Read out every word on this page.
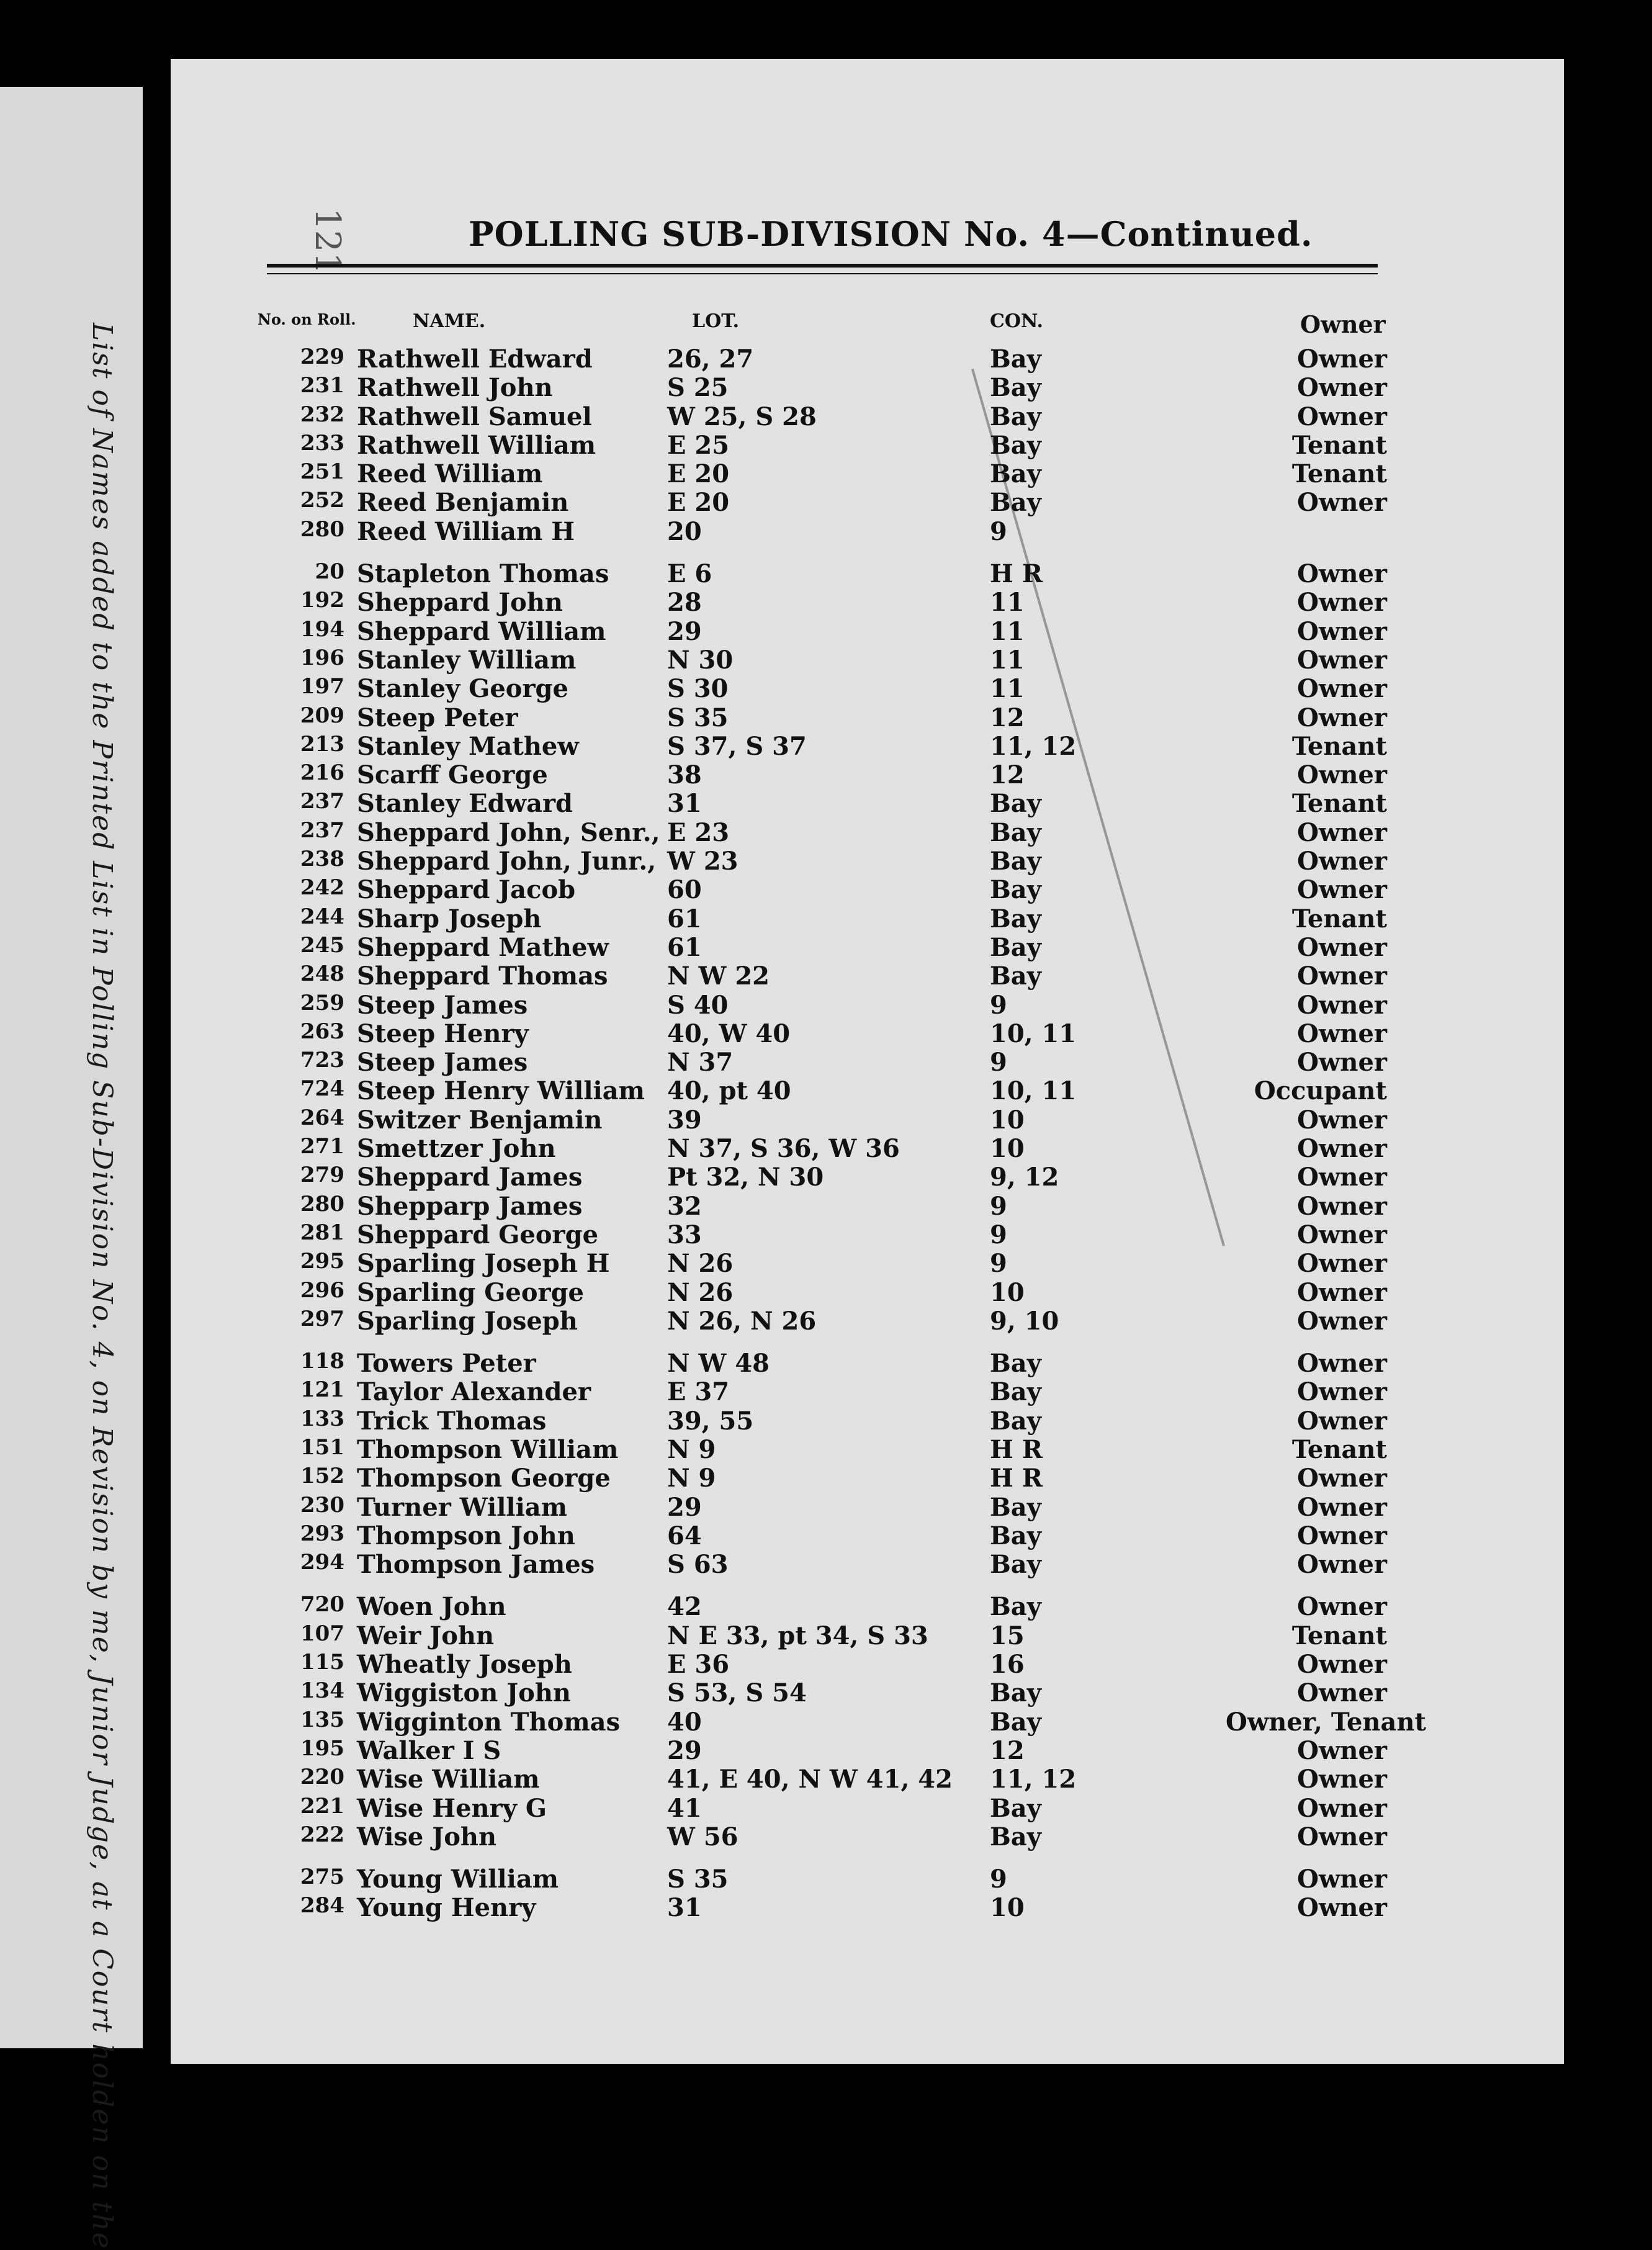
List of Names added to the Printed List in Polling Sub-Division No. 4, on Revision by me, Junior Judge, at a Court holden on the
121	POLLING SUB-DIVISION No. 4—Continued.
No. on Roll.	NAME.	LOT.	CON.	Owner
229 Rathwell Edward	26, 27	Bay	Owner
231 Rathwell John	S 25	Bay	Owner
232 Rathwell Samuel	W 25, S 28	Bay	Owner
233 Rathwell William	E 25	Bay	Tenant
251 Reed William	E 20	Bay	Tenant
252 Reed Benjamin	E 20	Bay	Owner
280 Reed William H	20	9
20 Stapleton Thomas	E 6	H R	Owner
192 Sheppard John	28	11	Owner
194 Sheppard William	29	11	Owner
196 Stanley William	N 30	11	Owner
197 Stanley George	S 30	11	Owner
209 Steep Peter	S 35	12	Owner
213 Stanley Mathew	S 37, S 37	11, 12	Tenant
216 Scarff George	38	12	Owner
237 Stanley Edward	31	Bay	Tenant
237 Sheppard John, Senr., E 23	Bay	Owner
238 Sheppard John, Junr., W 23	Bay	Owner
242 Sheppard Jacob	60	Bay	Owner
244 Sharp Joseph	61	Bay	Tenant
245 Sheppard Mathew	61	Bay	Owner
248 Sheppard Thomas	N W 22	Bay	Owner
259 Steep James	S 40	9	Owner
263 Steep Henry	40, W 40	10, 11	Owner
723 Steep James	N 37	9	Owner
724 Steep Henry William 40, pt 40	10, 11	Occupant
264 Switzer Benjamin	39	10	Owner
271 Smettzer John	N 37, S 36, W 36	10	Owner
279 Sheppard James	Pt 32, N 30	9, 12	Owner
280 Shepparp James	32	9	Owner
281 Sheppard George	33	9	Owner
295 Sparling Joseph H	N 26	9	Owner
296 Sparling George	N 26	10	Owner
297 Sparling Joseph	N 26, N 26	9, 10	Owner
118 Towers Peter	N W 48	Bay	Owner
121 Taylor Alexander	E 37	Bay	Owner
133 Trick Thomas	39, 55	Bay	Owner
151 Thompson William	N 9	H R	Tenant
152 Thompson George	N 9	H R	Owner
230 Turner William	29	Bay	Owner
293 Thompson John	64	Bay	Owner
294 Thompson James	S 63	Bay	Owner
720 Woen John	42	Bay	Owner
107 Weir John	N E 33, pt 34, S 33	15	Tenant
115 Wheatly Joseph	E 36	16	Owner
134 Wiggiston John	S 53, S 54	Bay	Owner
135 Wigginton Thomas	40	Bay	Owner, Tenant
195 Walker I S	29	12	Owner
220 Wise William	41, E 40, N W 41, 42	11, 12	Owner
221 Wise Henry G	41	Bay	Owner
222 Wise John	W 56	Bay	Owner
275 Young William	S 35	9	Owner
284 Young Henry	31	10	Owner
